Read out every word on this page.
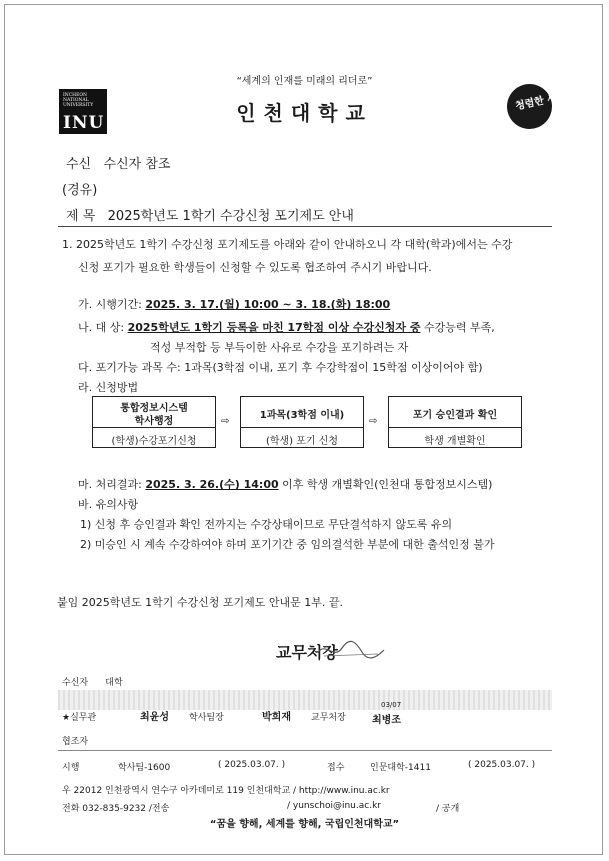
“세계의 인재를 미래의 리더로”
INCHEON
NATIONAL
UNIVERSITY
INU	인천대학교	청렴한 세상
수신 수신자 참조
(경유)
제 목 2025학년도 1학기 수강신청 포기제도 안내
1. 2025학년도 1학기 수강신청 포기제도를 아래와 같이 안내하오니 각 대학(학과)에서는 수강
신청 포기가 필요한 학생들이 신청할 수 있도록 협조하여 주시기 바랍니다.
가. 시행기간: 2025. 3. 17.(월) 10:00 ~ 3. 18.(화) 18:00
나. 대 상: 2025학년도 1학기 등록을 마친 17학점 이상 수강신청자 중 수강능력 부족,
적성 부적합 등 부득이한 사유로 수강을 포기하려는 자
다. 포기가능 과목 수: 1과목(3학점 이내, 포기 후 수강학점이 15학점 이상이어야 함)
라. 신청방법
통합정보시스템
학사행정
(학생)수강포기신청
⇨
1과목(3학점 이내)
(학생) 포기 신청
⇨
포기 승인결과 확인
학생 개별확인
마. 처리결과: 2025. 3. 26.(수) 14:00 이후 학생 개별확인(인천대 통합정보시스템)
바. 유의사항
1) 신청 후 승인결과 확인 전까지는 수강상태이므로 무단결석하지 않도록 유의
2) 미승인 시 계속 수강하여야 하며 포기기간 중 임의결석한 부분에 대한 출석인정 불가
붙임 2025학년도 1학기 수강신청 포기제도 안내문 1부. 끝.
교무처장
수신자 대학
★실무관	최윤성 학사팀장	박희재 교무처장
03/07
최병조
협조자
시행	학사팀-1600	( 2025.03.07. )	접수	인문대학-1411	( 2025.03.07. )
우 22012 인천광역시 연수구 아카데미로 119 인천대학교 / http://www.inu.ac.kr
전화 032-835-9232 /전송	/ yunschoi@inu.ac.kr	/ 공개
“꿈을 향해, 세계를 향해, 국립인천대학교”
